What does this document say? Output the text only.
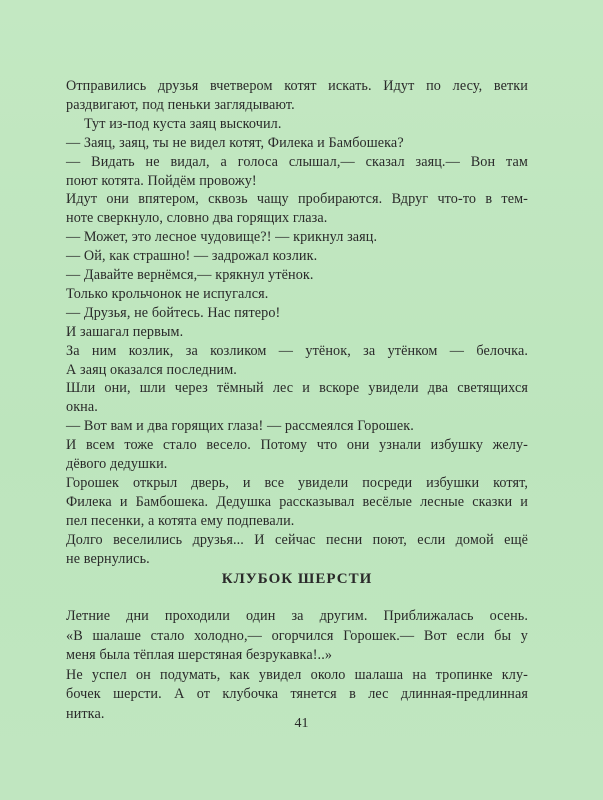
Отправились друзья вчетвером котят искать. Идут по лесу, ветки
раздвигают, под пеньки заглядывают.
Тут из-под куста заяц выскочил.
— Заяц, заяц, ты не видел котят, Филека и Бамбошека?
— Видать не видал, а голоса слышал,— сказал заяц.— Вон там
поют котята. Пойдём провожу!
Идут они впятером, сквозь чащу пробираются. Вдруг что-то в тем-
ноте сверкнуло, словно два горящих глаза.
— Может, это лесное чудовище?! — крикнул заяц.
— Ой, как страшно! — задрожал козлик.
— Давайте вернёмся,— крякнул утёнок.
Только крольчонок не испугался.
— Друзья, не бойтесь. Нас пятеро!
И зашагал первым.
За ним козлик, за козликом — утёнок, за утёнком — белочка.
А заяц оказался последним.
Шли они, шли через тёмный лес и вскоре увидели два светящихся
окна.
— Вот вам и два горящих глаза! — рассмеялся Горошек.
И всем тоже стало весело. Потому что они узнали избушку желу-
дёвого дедушки.
Горошек открыл дверь, и все увидели посреди избушки котят,
Филека и Бамбошека. Дедушка рассказывал весёлые лесные сказки и
пел песенки, а котята ему подпевали.
Долго веселились друзья... И сейчас песни поют, если домой ещё
не вернулись.
КЛУБОК ШЕРСТИ
Летние дни проходили один за другим. Приближалась осень.
«В шалаше стало холодно,— огорчился Горошек.— Вот если бы у
меня была тёплая шерстяная безрукавка!..»
Не успел он подумать, как увидел около шалаша на тропинке клу-
бочек шерсти. А от клубочка тянется в лес длинная-предлинная
нитка.
41
